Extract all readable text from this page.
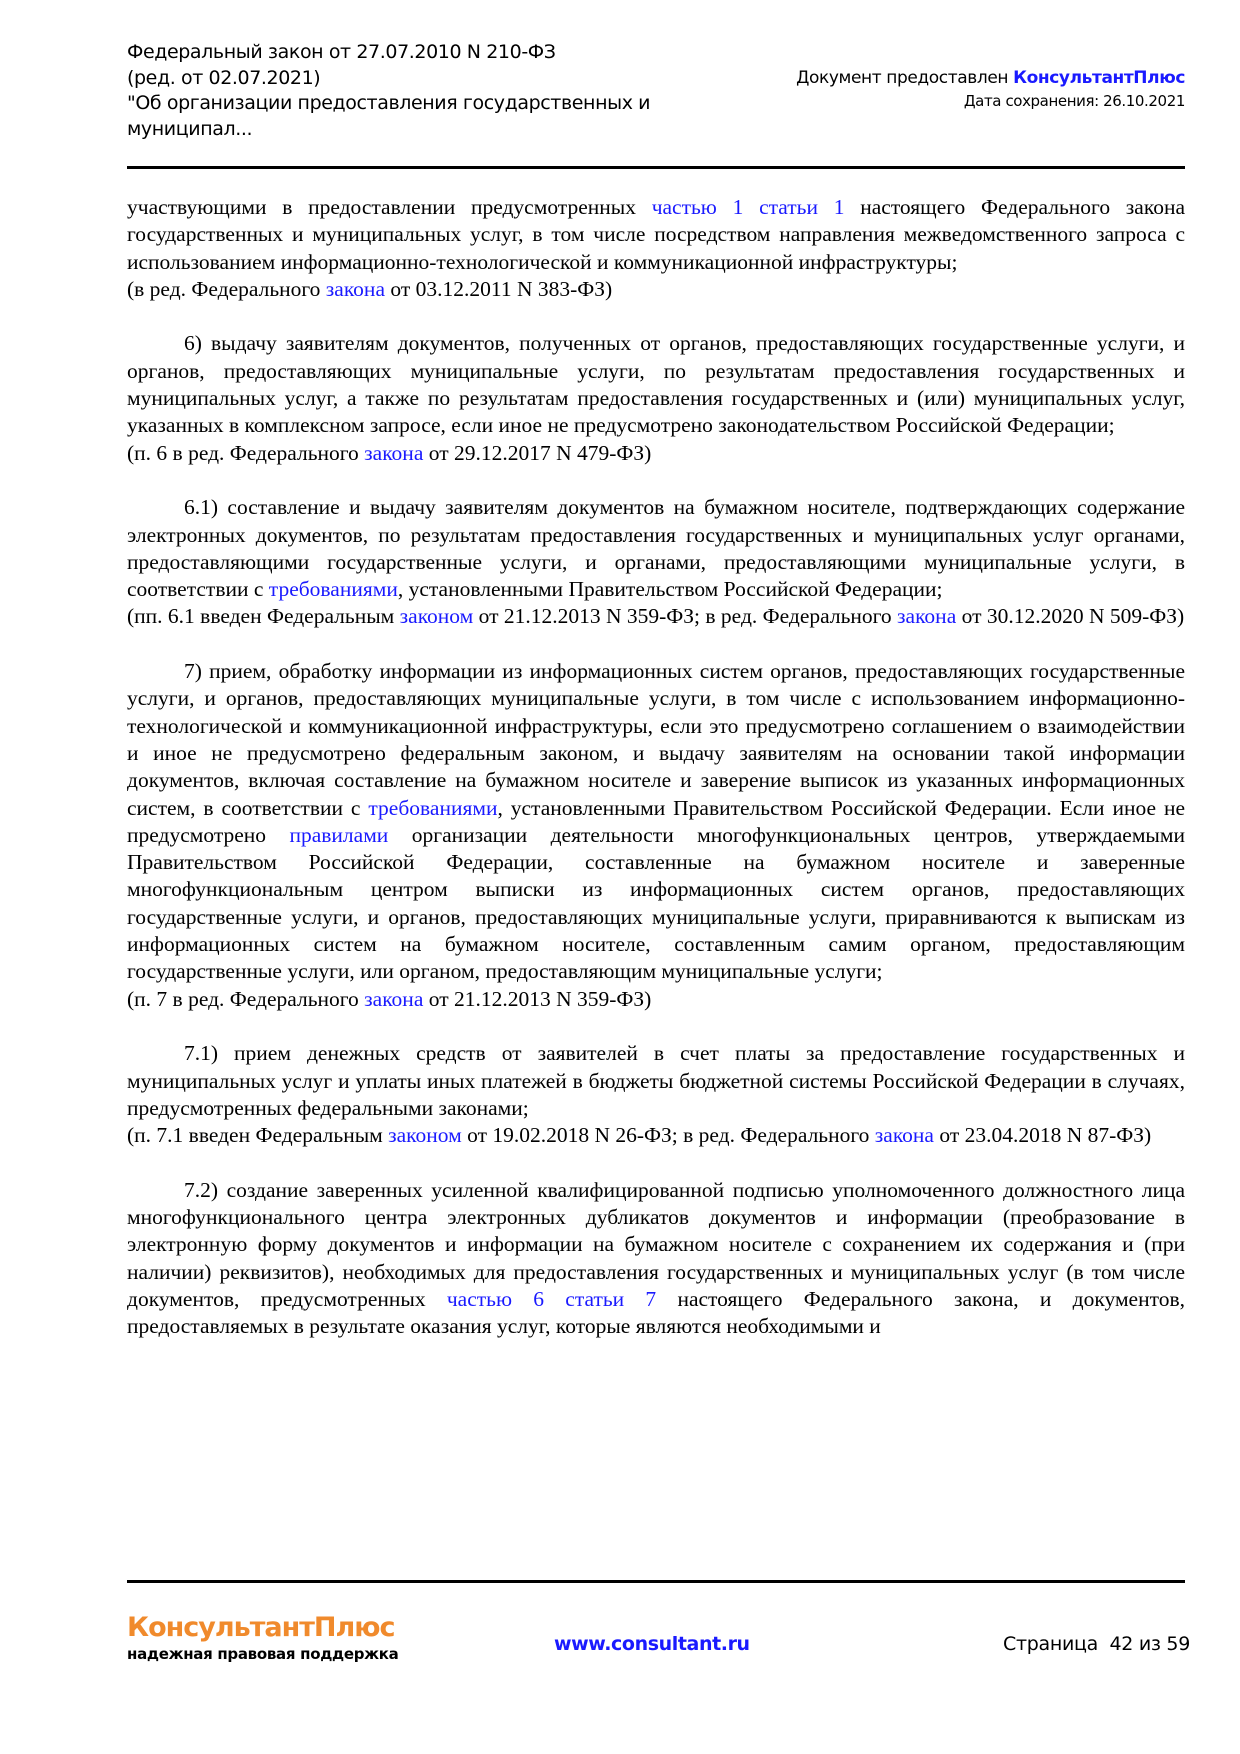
Федеральный закон от 27.07.2010 N 210-ФЗ
(ред. от 02.07.2021)
"Об организации предоставления государственных и
муниципал...
Документ предоставлен КонсультантПлюс
Дата сохранения: 26.10.2021

участвующими в предоставлении предусмотренных частью 1 статьи 1 настоящего Федерального закона государственных и муниципальных услуг, в том числе посредством направления межведомственного запроса с использованием информационно-технологической и коммуникационной инфраструктуры;

(в ред. Федерального закона от 03.12.2011 N 383-ФЗ)

6) выдачу заявителям документов, полученных от органов, предоставляющих государственные услуги, и органов, предоставляющих муниципальные услуги, по результатам предоставления государственных и муниципальных услуг, а также по результатам предоставления государственных и (или) муниципальных услуг, указанных в комплексном запросе, если иное не предусмотрено законодательством Российской Федерации;

(п. 6 в ред. Федерального закона от 29.12.2017 N 479-ФЗ)

6.1) составление и выдачу заявителям документов на бумажном носителе, подтверждающих содержание электронных документов, по результатам предоставления государственных и муниципальных услуг органами, предоставляющими государственные услуги, и органами, предоставляющими муниципальные услуги, в соответствии с требованиями, установленными Правительством Российской Федерации;

(пп. 6.1 введен Федеральным законом от 21.12.2013 N 359-ФЗ; в ред. Федерального закона от 30.12.2020 N 509-ФЗ)

7) прием, обработку информации из информационных систем органов, предоставляющих государственные услуги, и органов, предоставляющих муниципальные услуги, в том числе с использованием информационно-технологической и коммуникационной инфраструктуры, если это предусмотрено соглашением о взаимодействии и иное не предусмотрено федеральным законом, и выдачу заявителям на основании такой информации документов, включая составление на бумажном носителе и заверение выписок из указанных информационных систем, в соответствии с требованиями, установленными Правительством Российской Федерации. Если иное не предусмотрено правилами организации деятельности многофункциональных центров, утверждаемыми Правительством Российской Федерации, составленные на бумажном носителе и заверенные многофункциональным центром выписки из информационных систем органов, предоставляющих государственные услуги, и органов, предоставляющих муниципальные услуги, приравниваются к выпискам из информационных систем на бумажном носителе, составленным самим органом, предоставляющим государственные услуги, или органом, предоставляющим муниципальные услуги;

(п. 7 в ред. Федерального закона от 21.12.2013 N 359-ФЗ)

7.1) прием денежных средств от заявителей в счет платы за предоставление государственных и муниципальных услуг и уплаты иных платежей в бюджеты бюджетной системы Российской Федерации в случаях, предусмотренных федеральными законами;

(п. 7.1 введен Федеральным законом от 19.02.2018 N 26-ФЗ; в ред. Федерального закона от 23.04.2018 N 87-ФЗ)

7.2) создание заверенных усиленной квалифицированной подписью уполномоченного должностного лица многофункционального центра электронных дубликатов документов и информации (преобразование в электронную форму документов и информации на бумажном носителе с сохранением их содержания и (при наличии) реквизитов), необходимых для предоставления государственных и муниципальных услуг (в том числе документов, предусмотренных частью 6 статьи 7 настоящего Федерального закона, и документов, предоставляемых в результате оказания услуг, которые являются необходимыми и

КонсультантПлюс
надежная правовая поддержка	www.consultant.ru	Страница 42 из 59
